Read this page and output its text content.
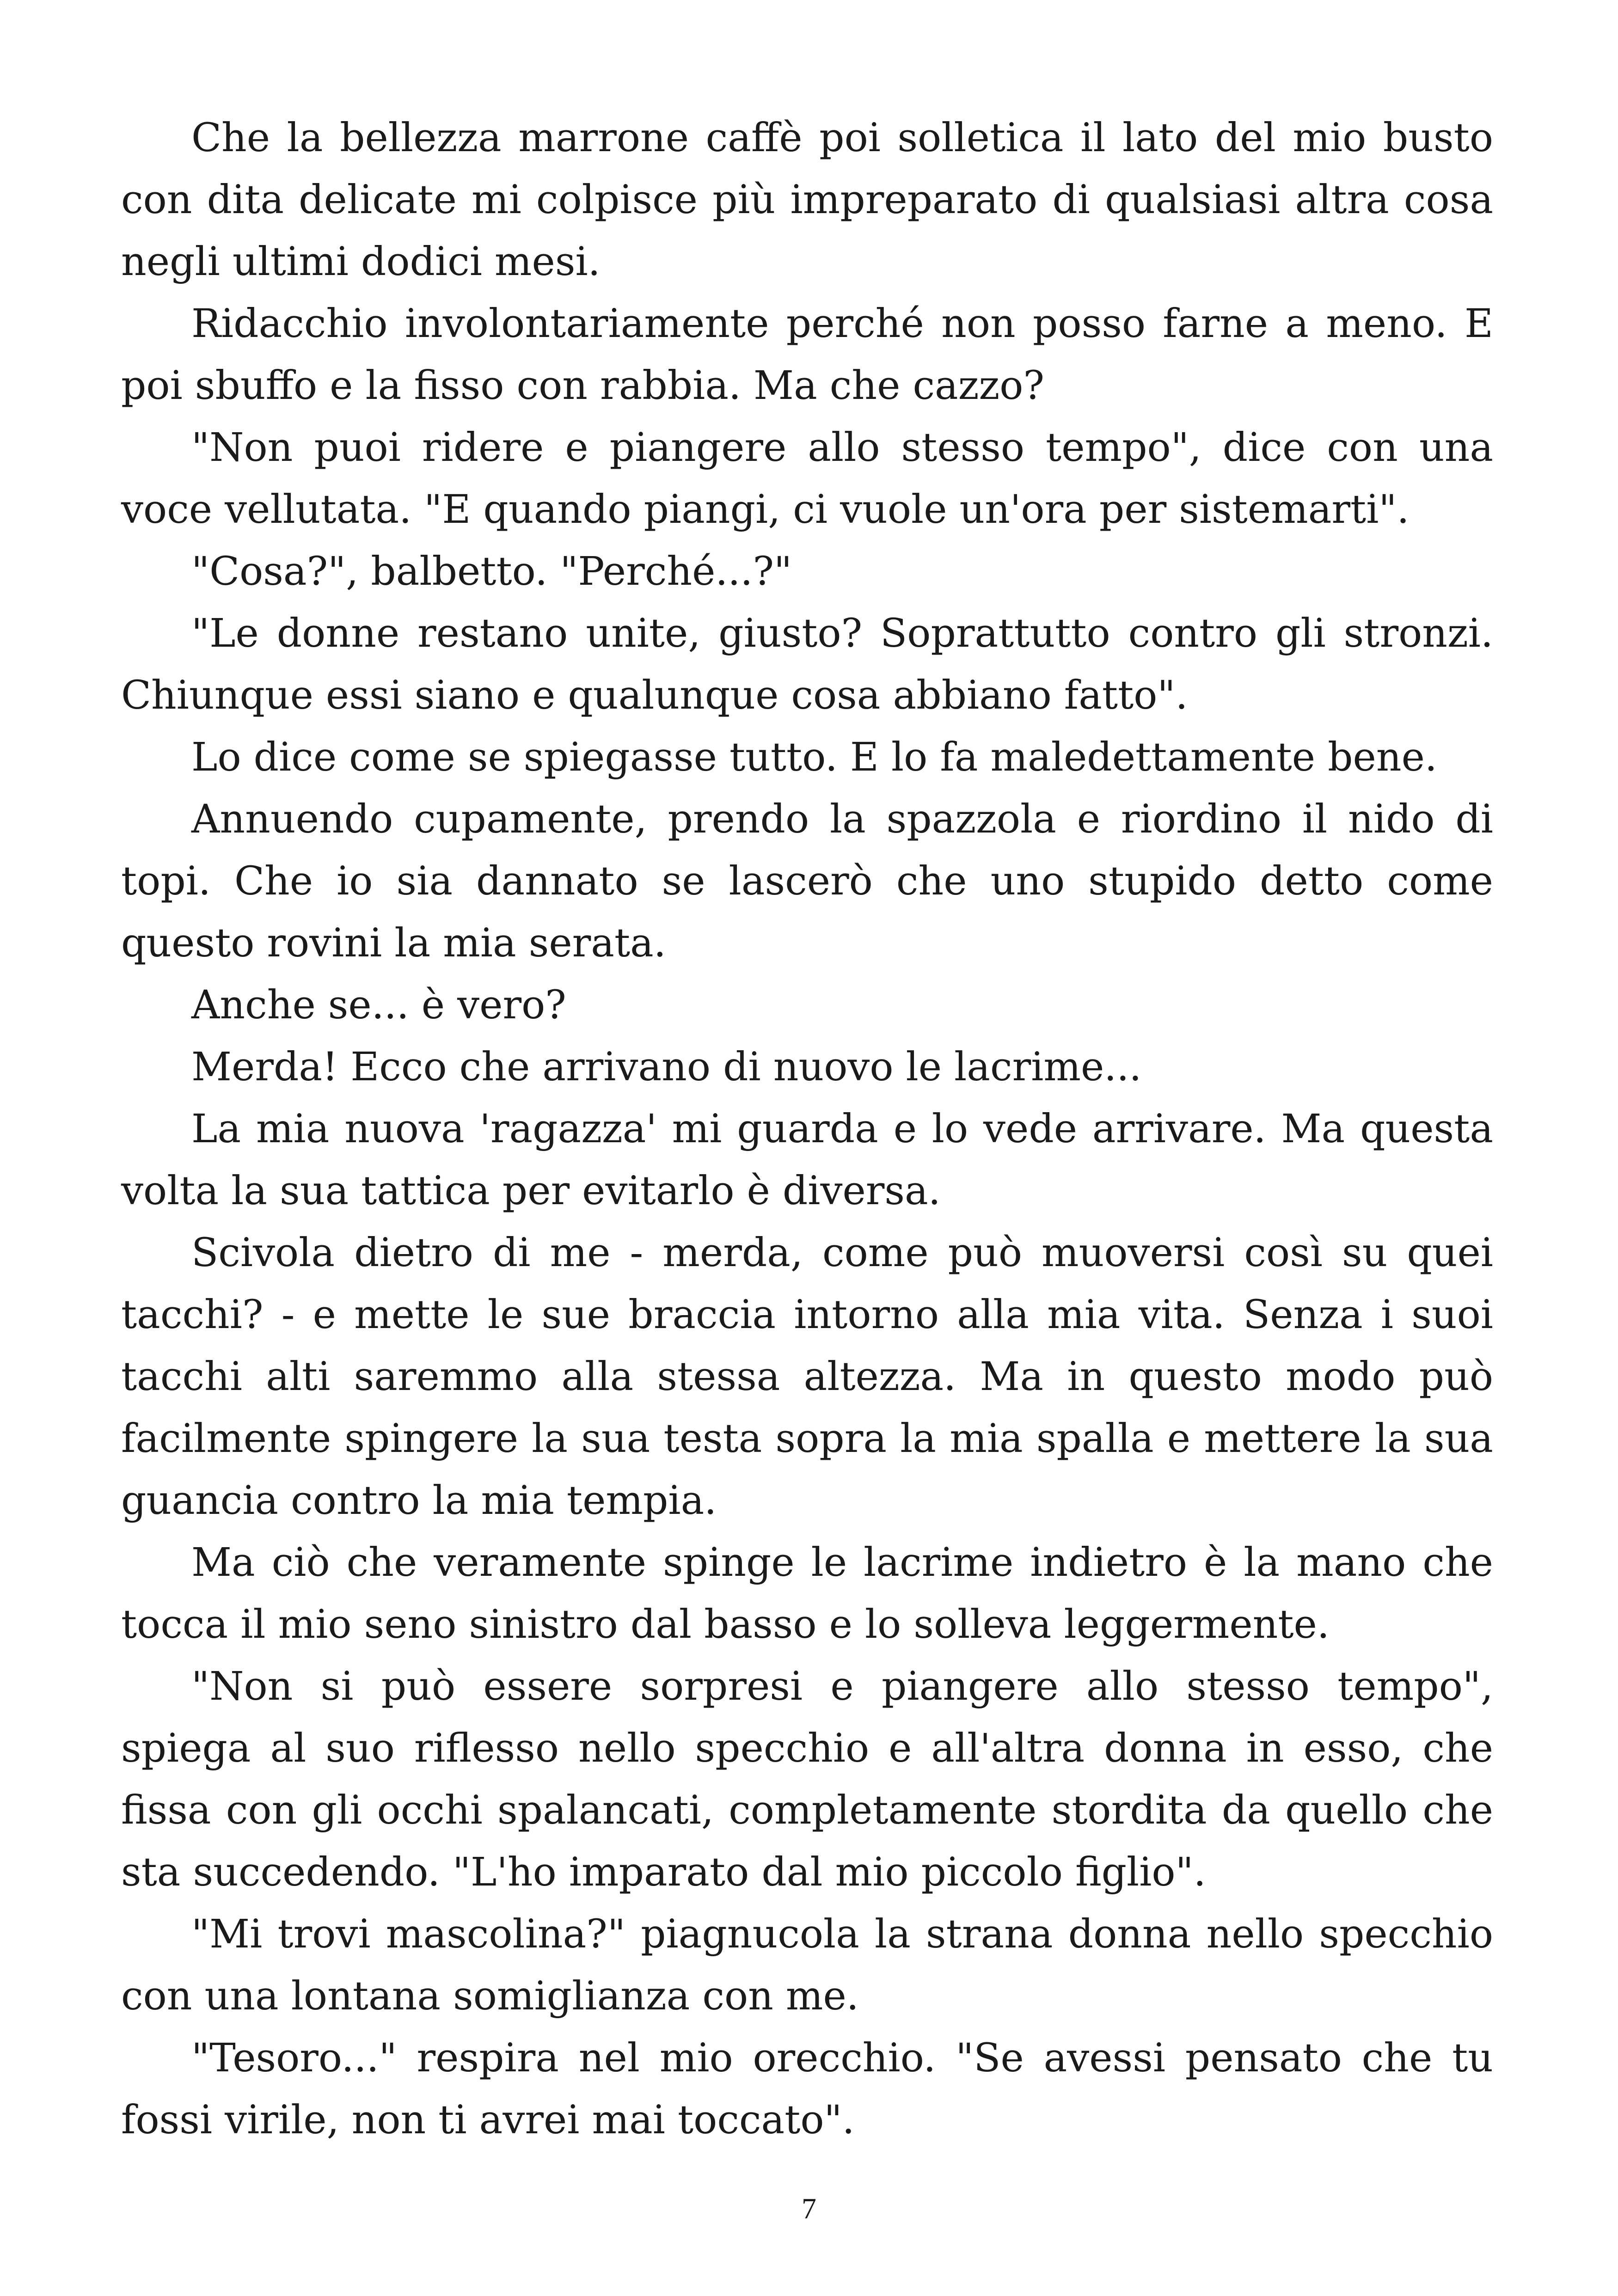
Che la bellezza marrone caffè poi solletica il lato del mio busto con dita delicate mi colpisce più impreparato di qualsiasi altra cosa negli ultimi dodici mesi.

Ridacchio involontariamente perché non posso farne a meno. E poi sbuffo e la fisso con rabbia. Ma che cazzo?

"Non puoi ridere e piangere allo stesso tempo", dice con una voce vellutata. "E quando piangi, ci vuole un'ora per sistemarti".

"Cosa?", balbetto. "Perché...?"

"Le donne restano unite, giusto? Soprattutto contro gli stronzi. Chiunque essi siano e qualunque cosa abbiano fatto".

Lo dice come se spiegasse tutto. E lo fa maledettamente bene.

Annuendo cupamente, prendo la spazzola e riordino il nido di topi. Che io sia dannato se lascerò che uno stupido detto come questo rovini la mia serata.

Anche se... è vero?

Merda! Ecco che arrivano di nuovo le lacrime...

La mia nuova 'ragazza' mi guarda e lo vede arrivare. Ma questa volta la sua tattica per evitarlo è diversa.

Scivola dietro di me - merda, come può muoversi così su quei tacchi? - e mette le sue braccia intorno alla mia vita. Senza i suoi tacchi alti saremmo alla stessa altezza. Ma in questo modo può facilmente spingere la sua testa sopra la mia spalla e mettere la sua guancia contro la mia tempia.

Ma ciò che veramente spinge le lacrime indietro è la mano che tocca il mio seno sinistro dal basso e lo solleva leggermente.

"Non si può essere sorpresi e piangere allo stesso tempo", spiega al suo riflesso nello specchio e all'altra donna in esso, che fissa con gli occhi spalancati, completamente stordita da quello che sta succedendo. "L'ho imparato dal mio piccolo figlio".

"Mi trovi mascolina?" piagnucola la strana donna nello specchio con una lontana somiglianza con me.

"Tesoro..." respira nel mio orecchio. "Se avessi pensato che tu fossi virile, non ti avrei mai toccato".

7
